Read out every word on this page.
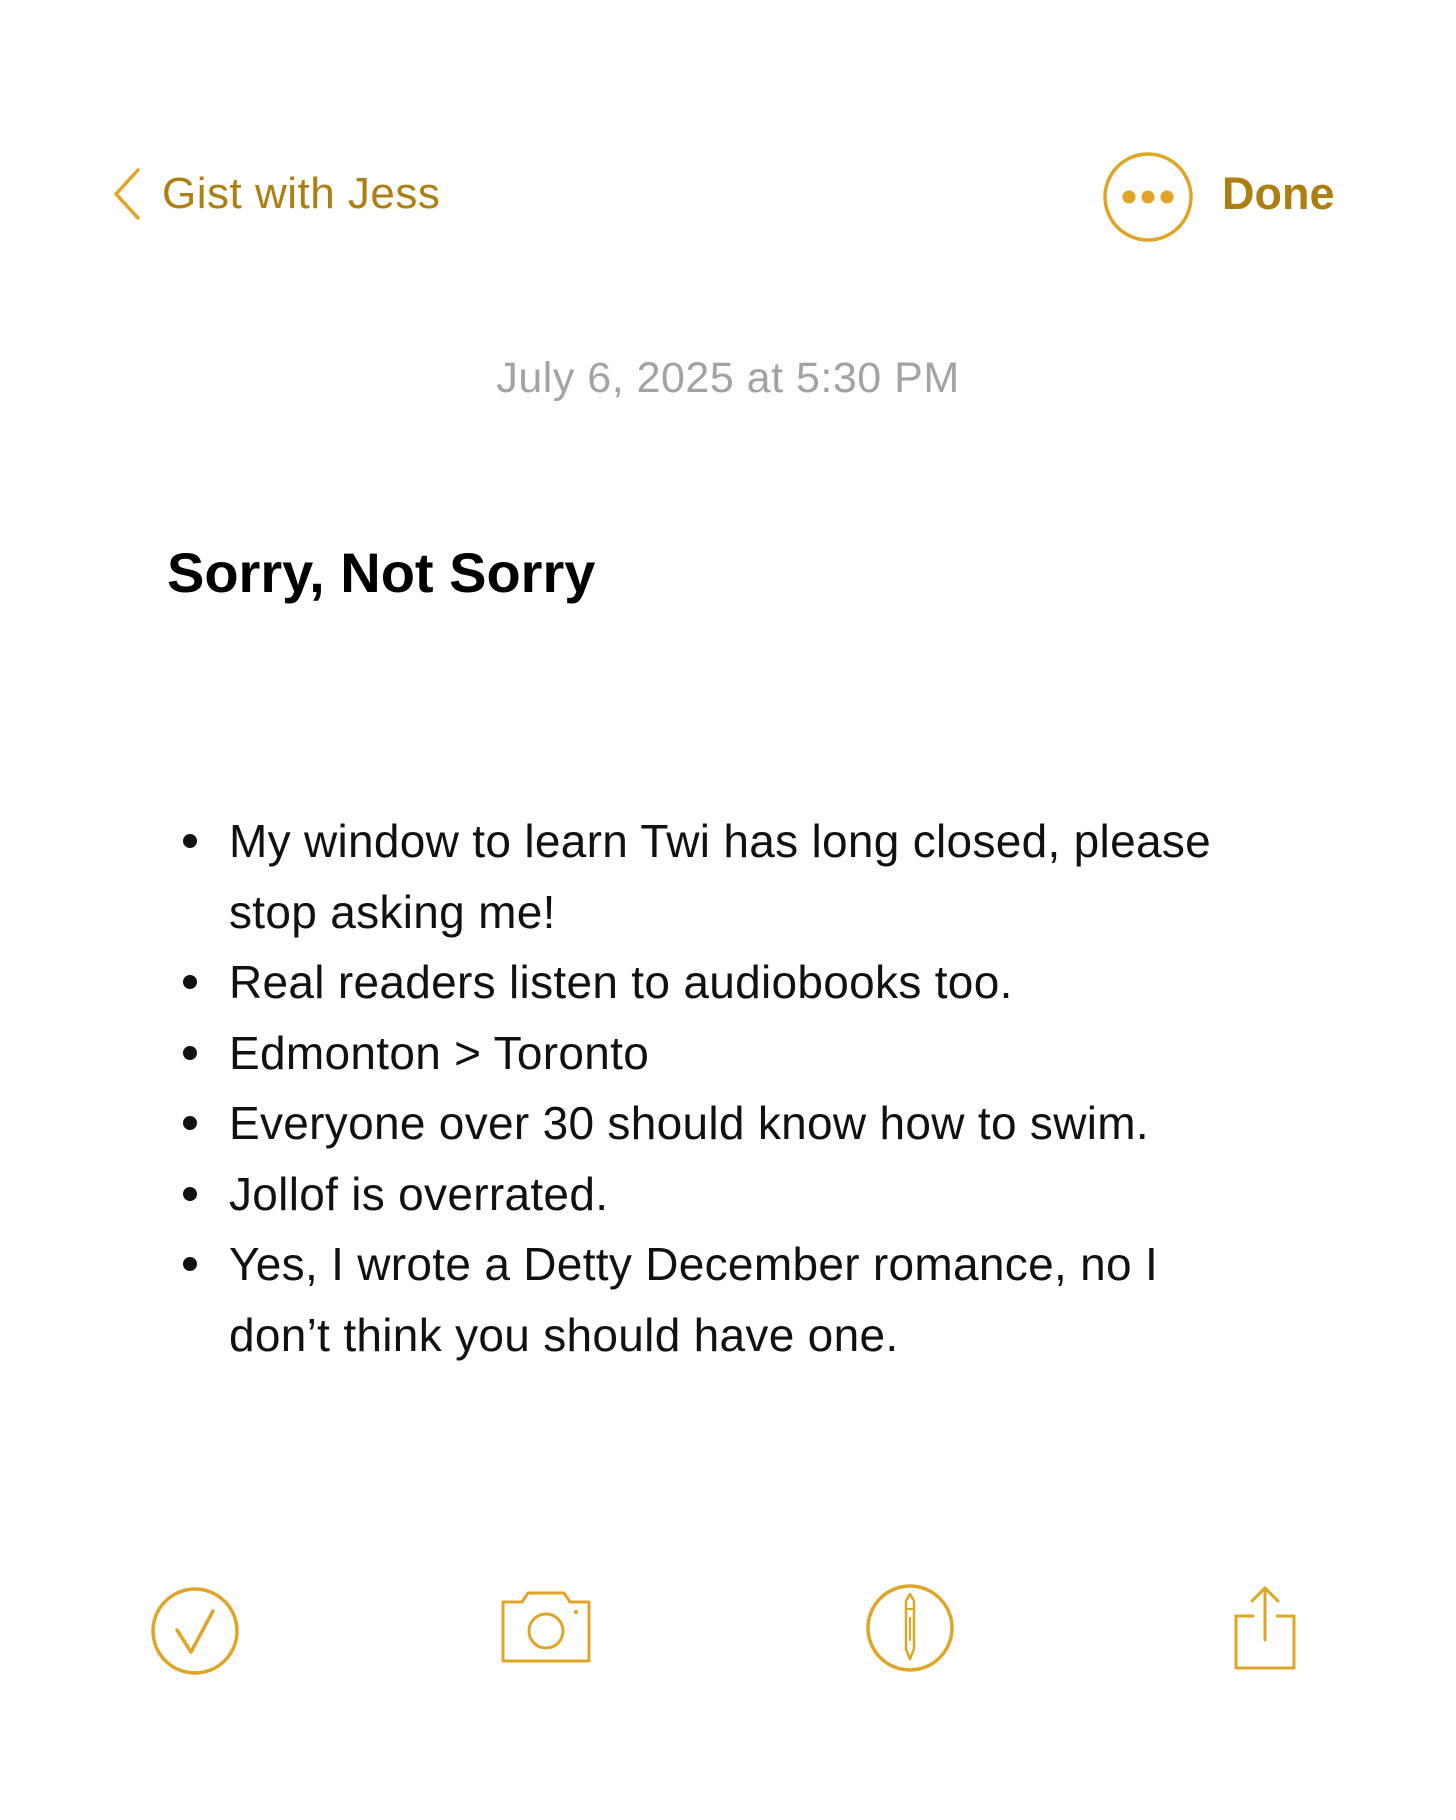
Gist with Jess	Done
July 6, 2025 at 5:30 PM
Sorry, Not Sorry
My window to learn Twi has long closed, please stop asking me!
Real readers listen to audiobooks too.
Edmonton > Toronto
Everyone over 30 should know how to swim.
Jollof is overrated.
Yes, I wrote a Detty December romance, no I don’t think you should have one.
